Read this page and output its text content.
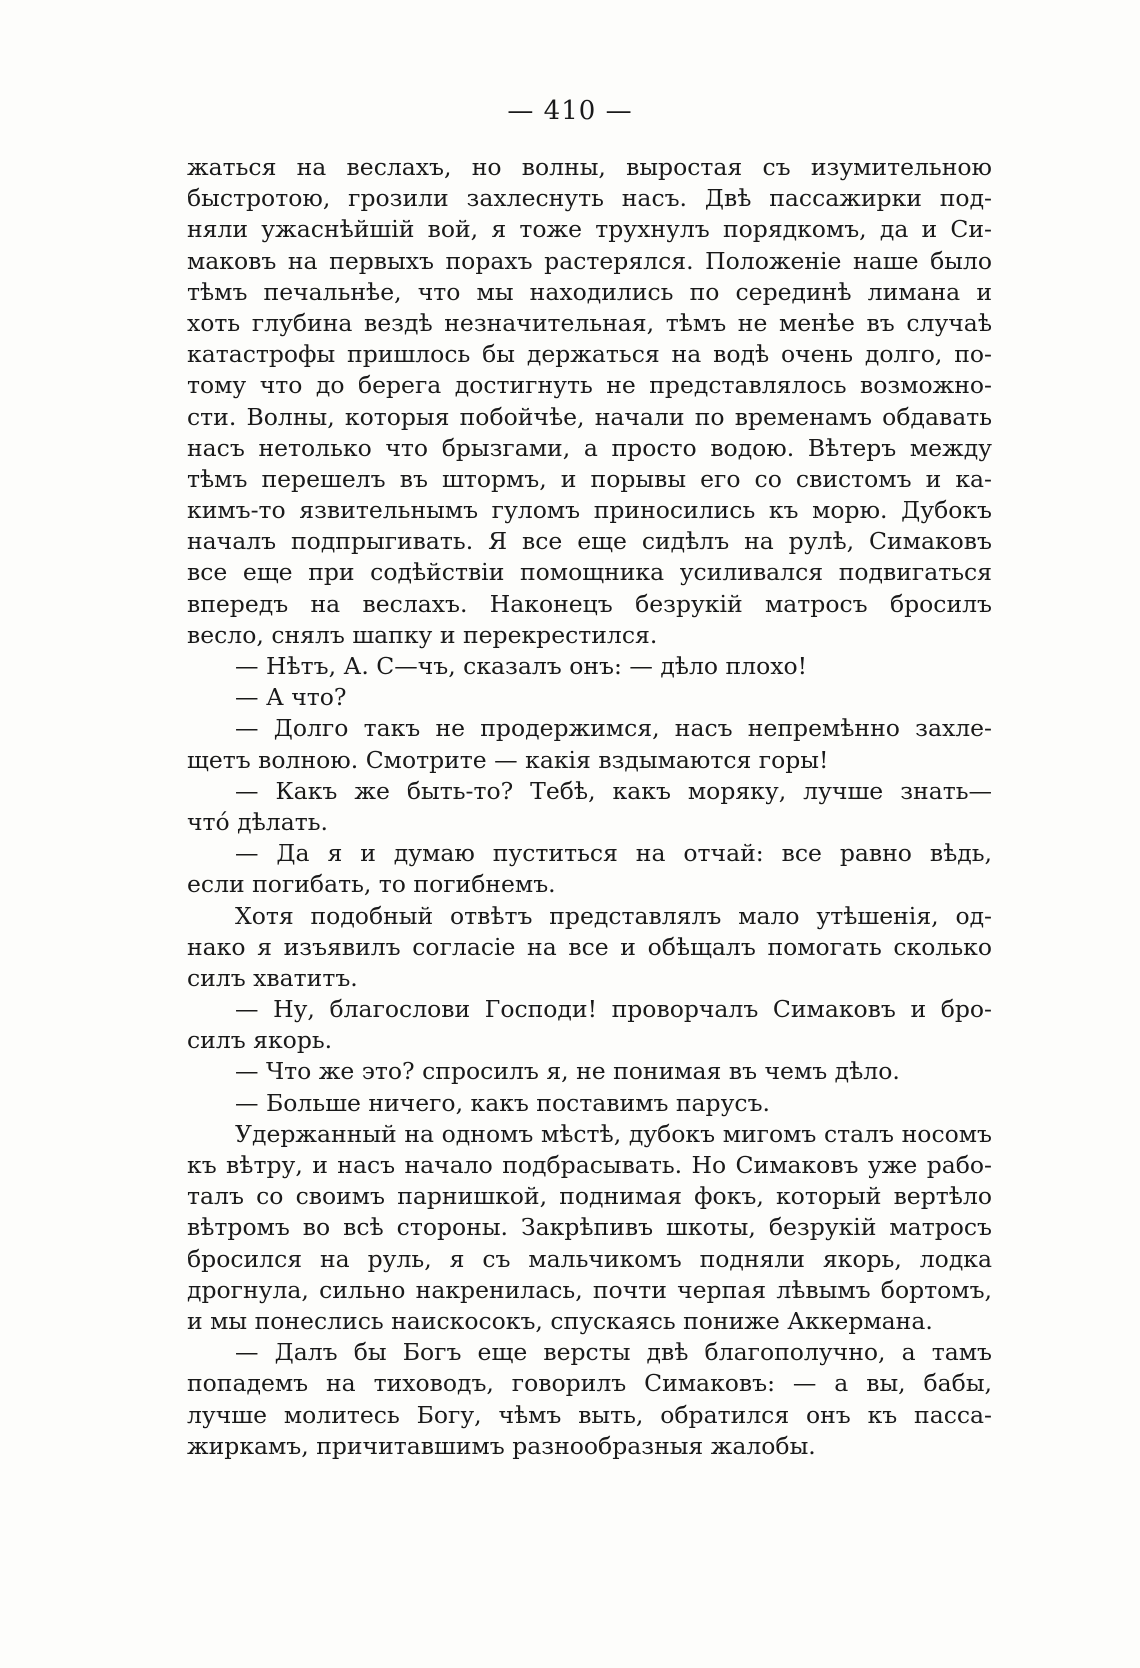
— 410 —
жаться на веслахъ, но волны, выростая съ изумительною
быстротою, грозили захлеснуть насъ. Двѣ пассажирки под-
няли ужаснѣйшій вой, я тоже трухнулъ порядкомъ, да и Си-
маковъ на первыхъ порахъ растерялся. Положеніе наше было
тѣмъ печальнѣе, что мы находились по серединѣ лимана и
хоть глубина вездѣ незначительная, тѣмъ не менѣе въ случаѣ
катастрофы пришлось бы держаться на водѣ очень долго, по-
тому что до берега достигнуть не представлялось возможно-
сти. Волны, которыя побойчѣе, начали по временамъ обдавать
насъ нетолько что брызгами, а просто водою. Вѣтеръ между
тѣмъ перешелъ въ штормъ, и порывы его со свистомъ и ка-
кимъ-то язвительнымъ гуломъ приносились къ морю. Дубокъ
началъ подпрыгивать. Я все еще сидѣлъ на рулѣ, Симаковъ
все еще при содѣйствіи помощника усиливался подвигаться
впередъ на веслахъ. Наконецъ безрукій матросъ бросилъ
весло, снялъ шапку и перекрестился.
— Нѣтъ, А. С—чъ, сказалъ онъ: — дѣло плохо!
— А что?
— Долго такъ не продержимся, насъ непремѣнно захле-
щетъ волною. Смотрите — какія вздымаются горы!
— Какъ же быть-то? Тебѣ, какъ моряку, лучше знать—
что́ дѣлать.
— Да я и думаю пуститься на отчай: все равно вѣдь,
если погибать, то погибнемъ.
Хотя подобный отвѣтъ представлялъ мало утѣшенія, од-
нако я изъявилъ согласіе на все и обѣщалъ помогать сколько
силъ хватитъ.
— Ну, благослови Господи! проворчалъ Симаковъ и бро-
силъ якорь.
— Что же это? спросилъ я, не понимая въ чемъ дѣло.
— Больше ничего, какъ поставимъ парусъ.
Удержанный на одномъ мѣстѣ, дубокъ мигомъ сталъ носомъ
къ вѣтру, и насъ начало подбрасывать. Но Симаковъ уже рабо-
талъ со своимъ парнишкой, поднимая фокъ, который вертѣло
вѣтромъ во всѣ стороны. Закрѣпивъ шкоты, безрукій матросъ
бросился на руль, я съ мальчикомъ подняли якорь, лодка
дрогнула, сильно накренилась, почти черпая лѣвымъ бортомъ,
и мы понеслись наискосокъ, спускаясь пониже Аккермана.
— Далъ бы Богъ еще версты двѣ благополучно, а тамъ
попадемъ на тиховодъ, говорилъ Симаковъ: — а вы, бабы,
лучше молитесь Богу, чѣмъ выть, обратился онъ къ пасса-
жиркамъ, причитавшимъ разнообразныя жалобы.
